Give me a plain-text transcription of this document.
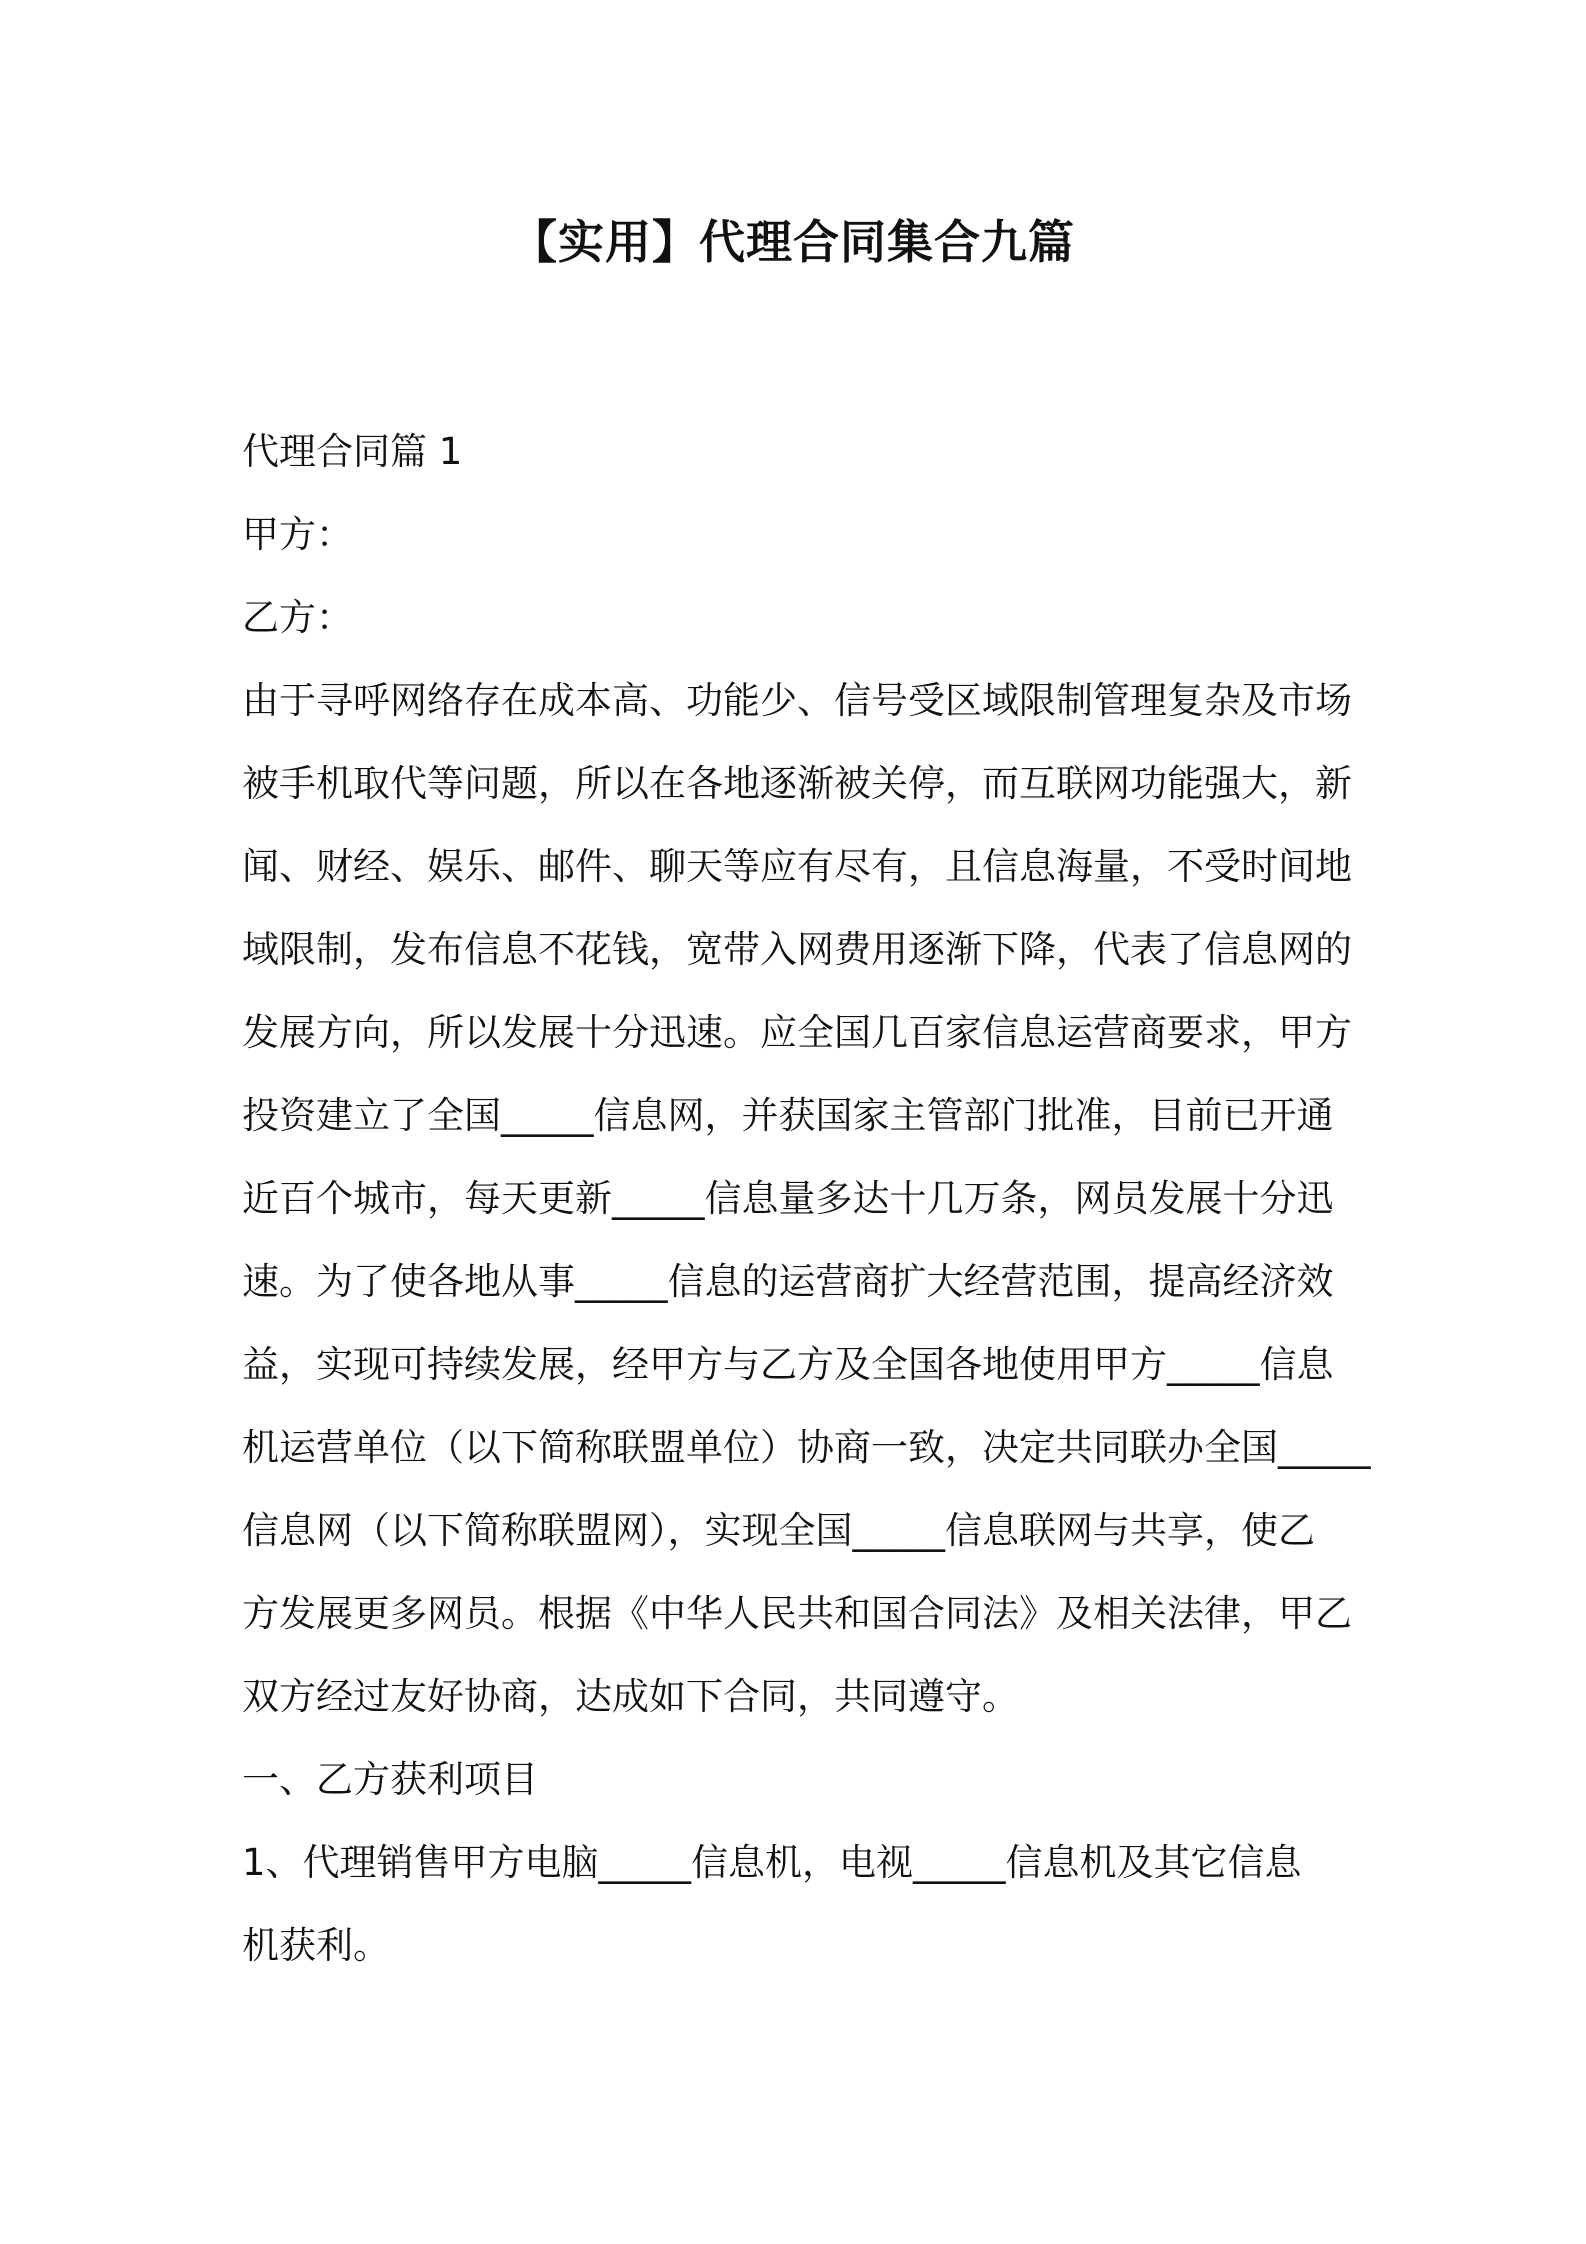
【实用】代理合同集合九篇
代理合同篇 1
甲方：
乙方：
由于寻呼网络存在成本高、功能少、信号受区域限制管理复杂及市场
被手机取代等问题，所以在各地逐渐被关停，而互联网功能强大，新
闻、财经、娱乐、邮件、聊天等应有尽有，且信息海量，不受时间地
域限制，发布信息不花钱，宽带入网费用逐渐下降，代表了信息网的
发展方向，所以发展十分迅速。应全国几百家信息运营商要求，甲方
投资建立了全国_____信息网，并获国家主管部门批准，目前已开通
近百个城市，每天更新_____信息量多达十几万条，网员发展十分迅
速。为了使各地从事_____信息的运营商扩大经营范围，提高经济效
益，实现可持续发展，经甲方与乙方及全国各地使用甲方_____信息
机运营单位（以下简称联盟单位）协商一致，决定共同联办全国_____
信息网（以下简称联盟网），实现全国_____信息联网与共享，使乙
方发展更多网员。根据《中华人民共和国合同法》及相关法律，甲乙
双方经过友好协商，达成如下合同，共同遵守。
一、乙方获利项目
1、代理销售甲方电脑_____信息机，电视_____信息机及其它信息
机获利。
